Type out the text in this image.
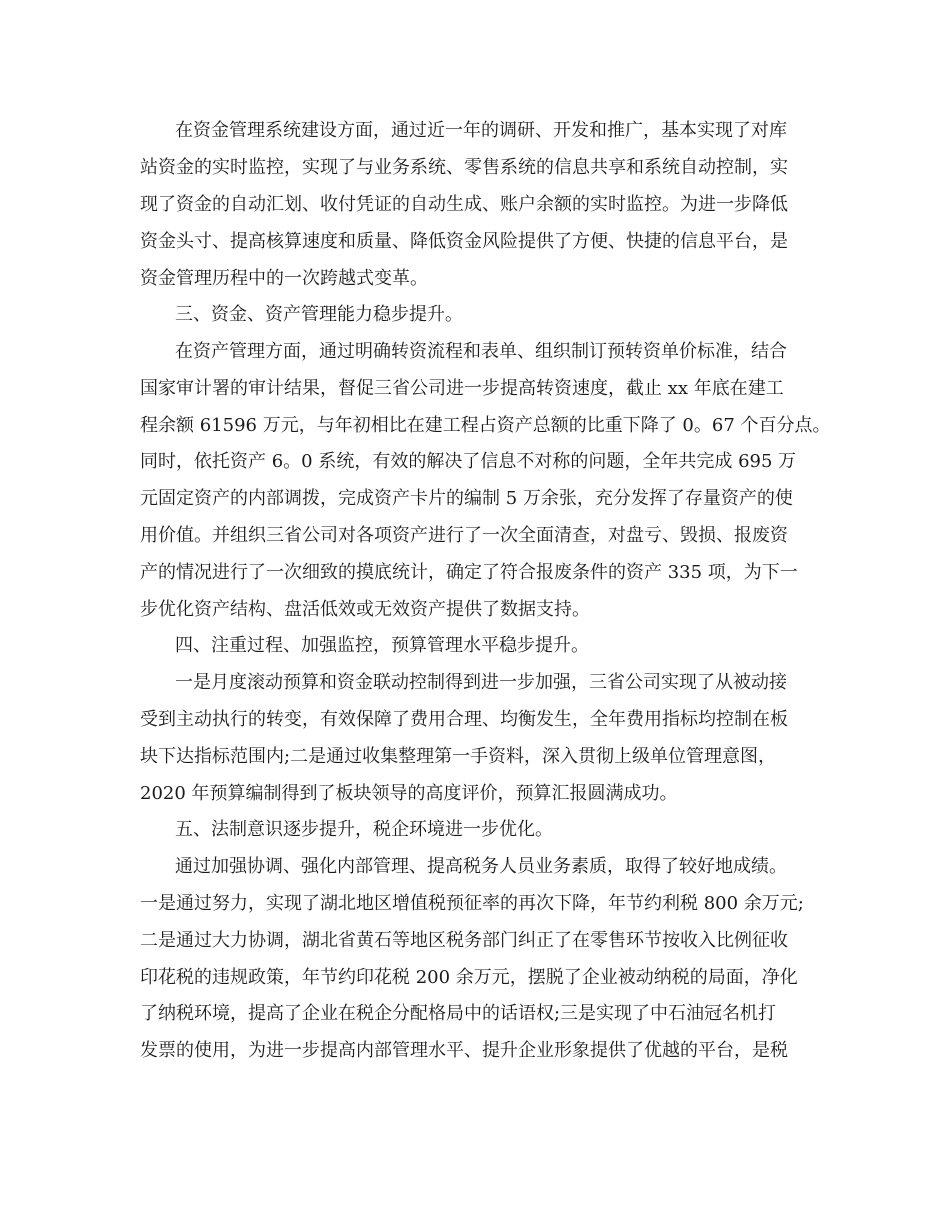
在资金管理系统建设方面，通过近一年的调研、开发和推广，基本实现了对库
站资金的实时监控，实现了与业务系统、零售系统的信息共享和系统自动控制，实
现了资金的自动汇划、收付凭证的自动生成、账户余额的实时监控。为进一步降低
资金头寸、提高核算速度和质量、降低资金风险提供了方便、快捷的信息平台，是
资金管理历程中的一次跨越式变革。
三、资金、资产管理能力稳步提升。
在资产管理方面，通过明确转资流程和表单、组织制订预转资单价标准，结合
国家审计署的审计结果，督促三省公司进一步提高转资速度，截止 xx 年底在建工
程余额 61596 万元，与年初相比在建工程占资产总额的比重下降了 0。67 个百分点。
同时，依托资产 6。0 系统，有效的解决了信息不对称的问题，全年共完成 695 万
元固定资产的内部调拨，完成资产卡片的编制 5 万余张，充分发挥了存量资产的使
用价值。并组织三省公司对各项资产进行了一次全面清查，对盘亏、毁损、报废资
产的情况进行了一次细致的摸底统计，确定了符合报废条件的资产 335 项，为下一
步优化资产结构、盘活低效或无效资产提供了数据支持。
四、注重过程、加强监控，预算管理水平稳步提升。
一是月度滚动预算和资金联动控制得到进一步加强，三省公司实现了从被动接
受到主动执行的转变，有效保障了费用合理、均衡发生，全年费用指标均控制在板
块下达指标范围内;二是通过收集整理第一手资料，深入贯彻上级单位管理意图，
2020 年预算编制得到了板块领导的高度评价，预算汇报圆满成功。
五、法制意识逐步提升，税企环境进一步优化。
通过加强协调、强化内部管理、提高税务人员业务素质，取得了较好地成绩。
一是通过努力，实现了湖北地区增值税预征率的再次下降，年节约利税 800 余万元;
二是通过大力协调，湖北省黄石等地区税务部门纠正了在零售环节按收入比例征收
印花税的违规政策，年节约印花税 200 余万元，摆脱了企业被动纳税的局面，净化
了纳税环境，提高了企业在税企分配格局中的话语权;三是实现了中石油冠名机打
发票的使用，为进一步提高内部管理水平、提升企业形象提供了优越的平台，是税
